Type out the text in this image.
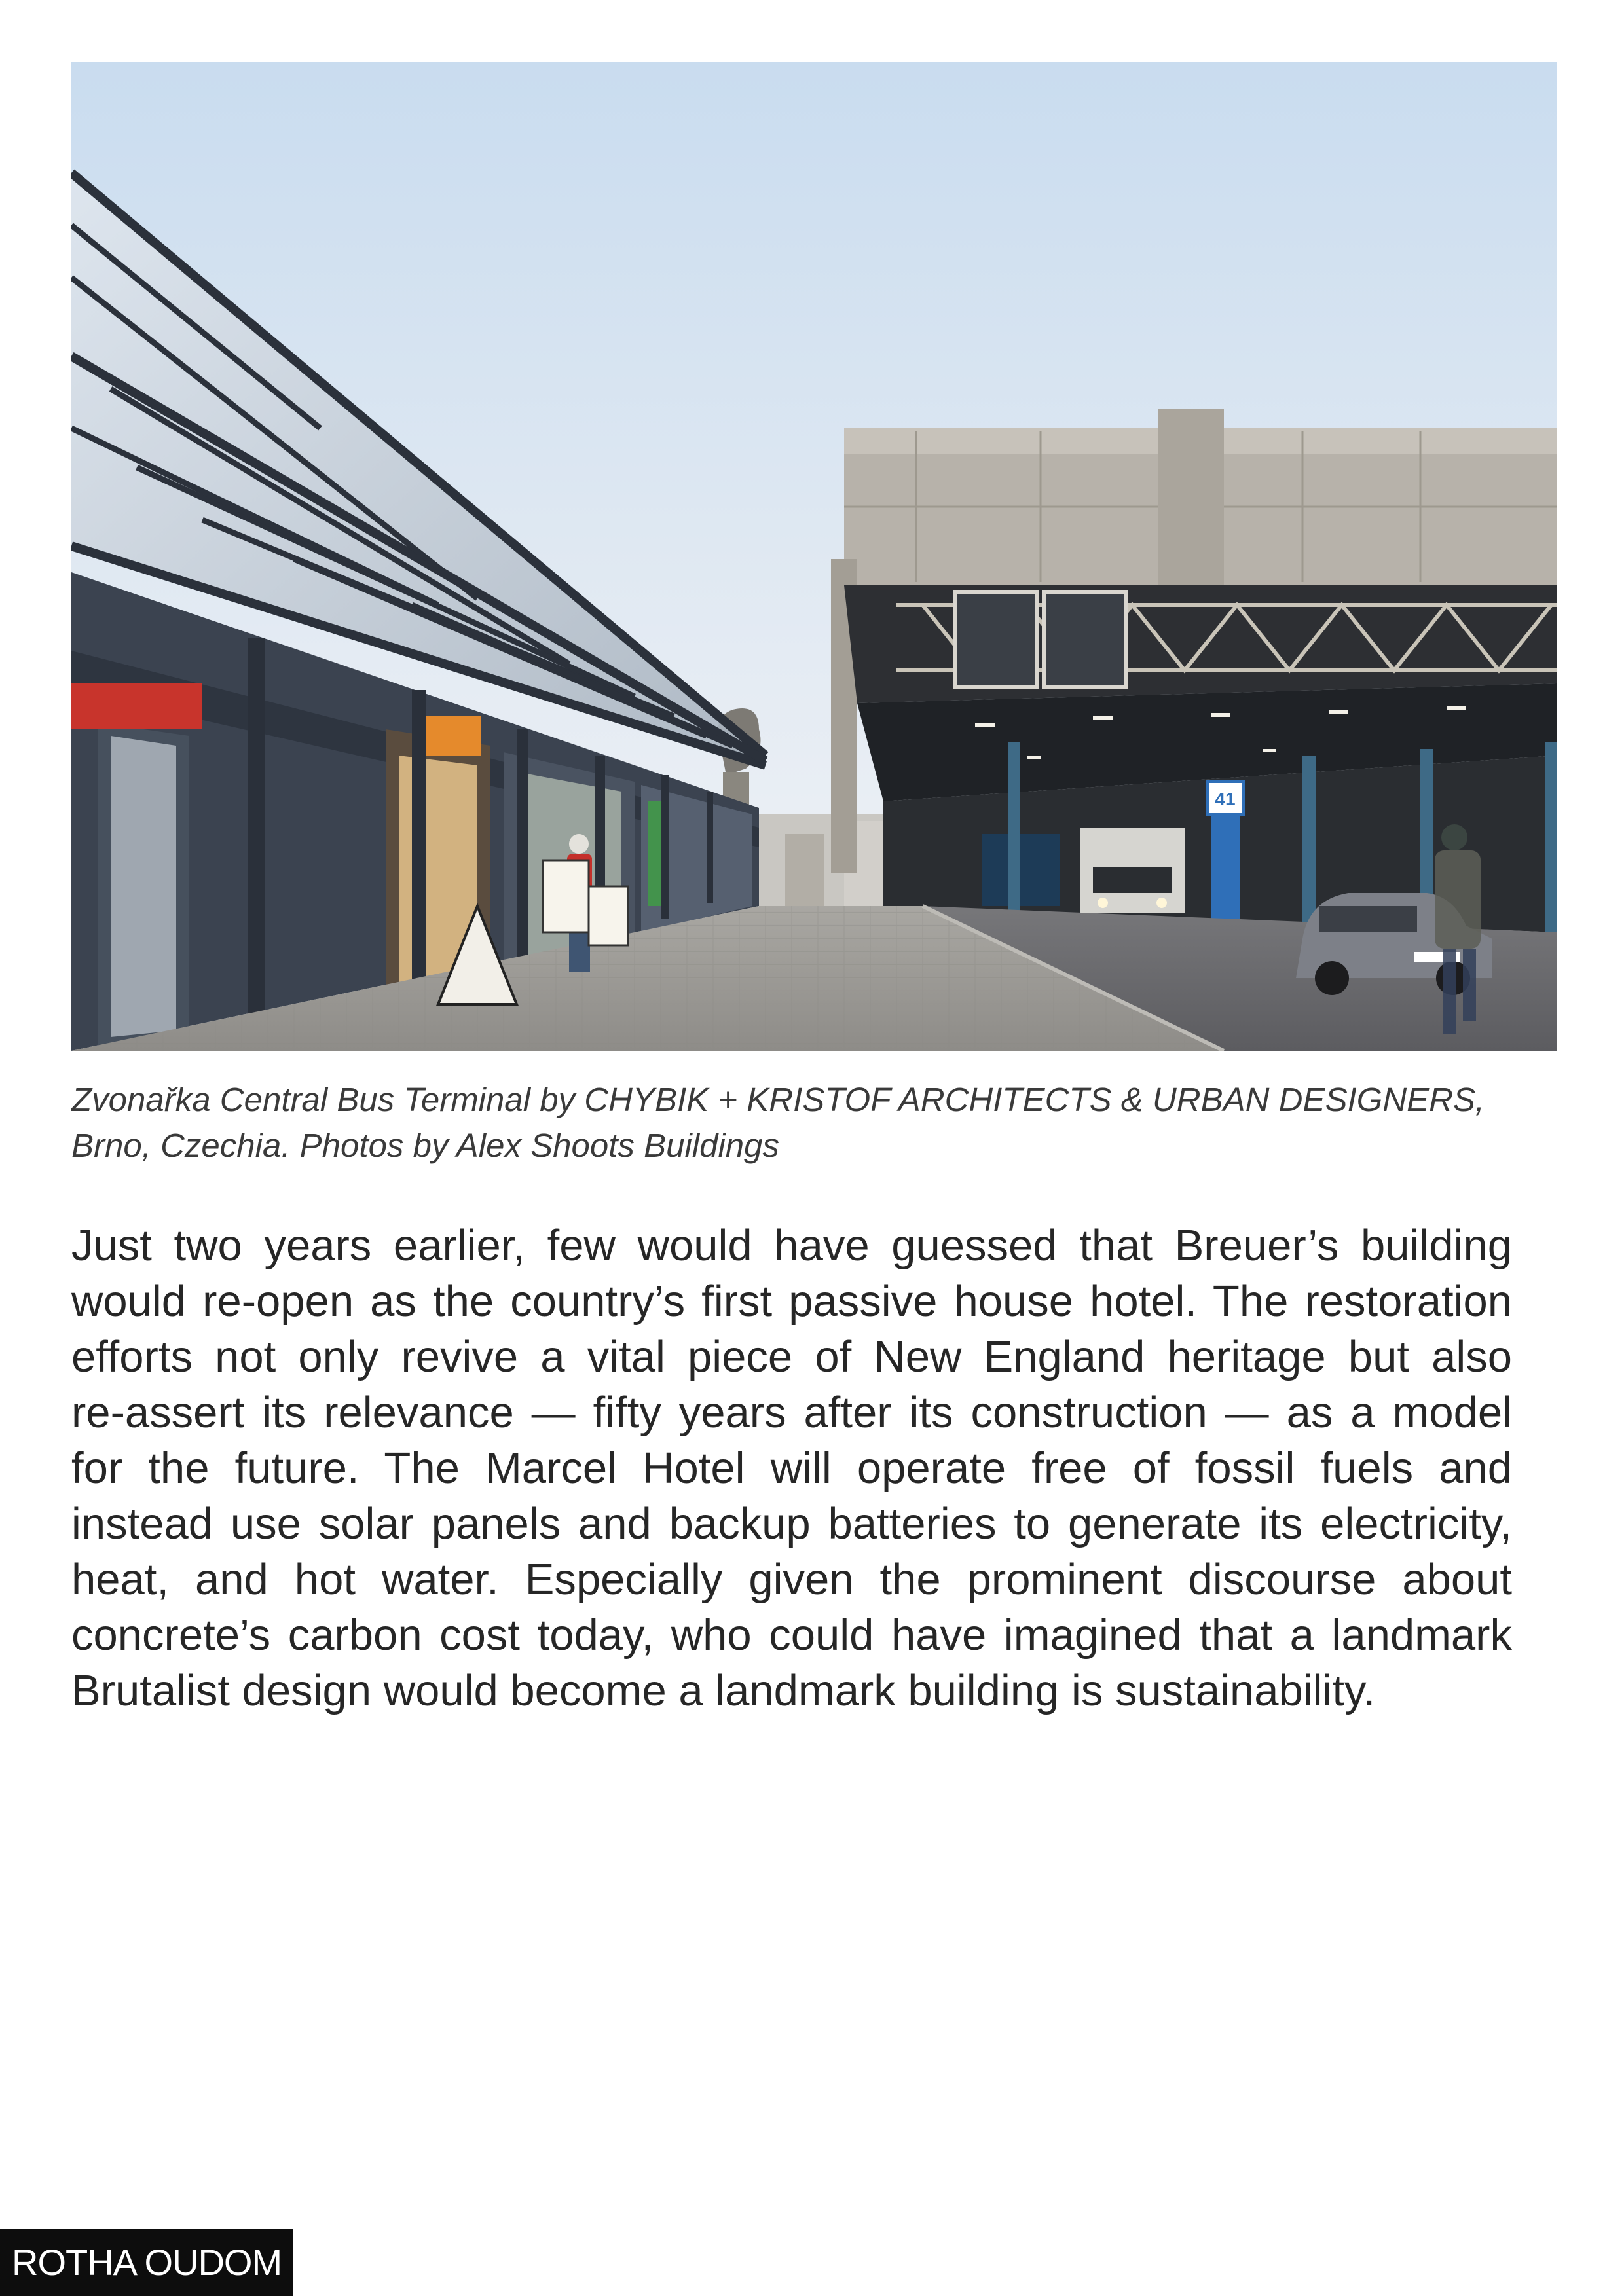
41

Zvonařka Central Bus Terminal by CHYBIK + KRISTOF ARCHITECTS & URBAN DESIGNERS,
Brno, Czechia. Photos by Alex Shoots Buildings

Just two years earlier, few would have guessed that Breuer’s building
would re-open as the country’s first passive house hotel. The restoration
efforts not only revive a vital piece of New England heritage but also
re-assert its relevance — fifty years after its construction — as a model
for the future. The Marcel Hotel will operate free of fossil fuels and
instead use solar panels and backup batteries to generate its electricity,
heat, and hot water. Especially given the prominent discourse about
concrete’s carbon cost today, who could have imagined that a landmark
Brutalist design would become a landmark building is sustainability.
ROTHA OUDOM
